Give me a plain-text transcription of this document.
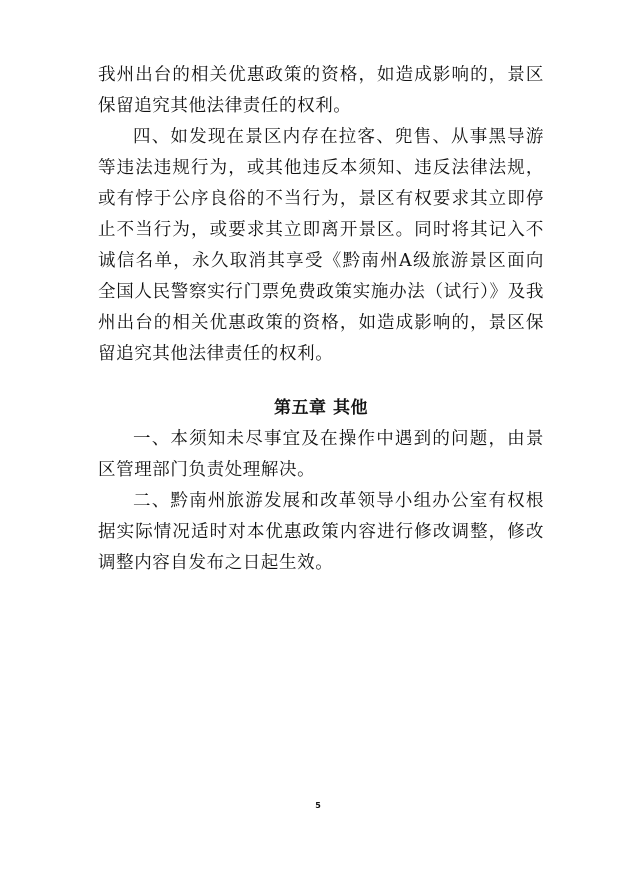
我州出台的相关优惠政策的资格，如造成影响的，景区保留追究其他法律责任的权利。

四、如发现在景区内存在拉客、兜售、从事黑导游等违法违规行为，或其他违反本须知、违反法律法规，或有悖于公序良俗的不当行为，景区有权要求其立即停止不当行为，或要求其立即离开景区。同时将其记入不诚信名单，永久取消其享受《黔南州A级旅游景区面向全国人民警察实行门票免费政策实施办法（试行）》及我州出台的相关优惠政策的资格，如造成影响的，景区保留追究其他法律责任的权利。

第五章 其他

一、本须知未尽事宜及在操作中遇到的问题，由景区管理部门负责处理解决。

二、黔南州旅游发展和改革领导小组办公室有权根据实际情况适时对本优惠政策内容进行修改调整，修改调整内容自发布之日起生效。

5
